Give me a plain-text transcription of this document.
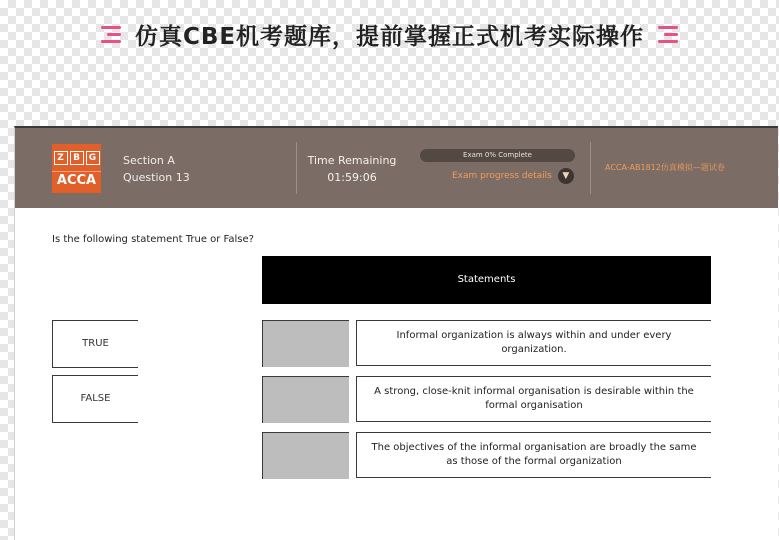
仿真CBE机考题库，提前掌握正式机考实际操作
Z	B G
ACCA
Section A
Question 13
Time Remaining
01:59:06
Exam 0% Complete
Exam progress details	▼
ACCA-AB1812仿真模拟—题试卷
Is the following statement True or False?
Statements
TRUE
FALSE
Informal organization is always within and under every organization.
A strong, close-knit informal organisation is desirable within the formal organisation
The objectives of the informal organisation are broadly the same as those of the formal organization
